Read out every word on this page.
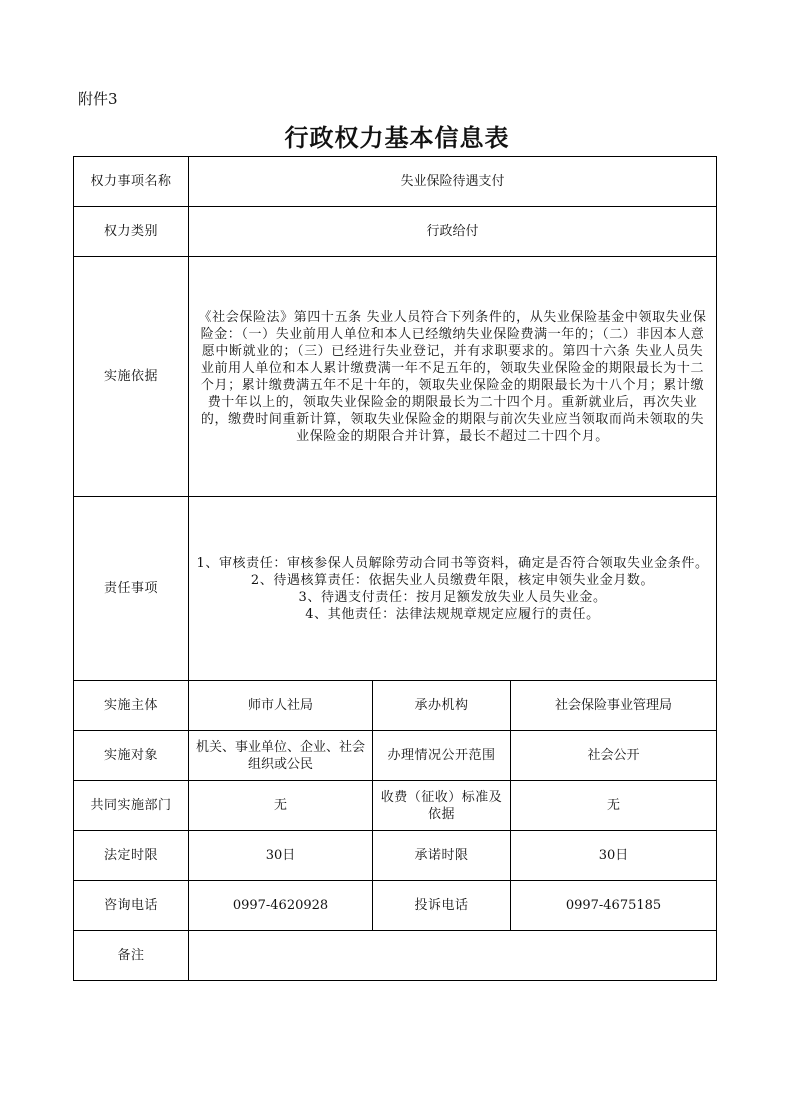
附件3
行政权力基本信息表
权力事项名称	失业保险待遇支付		
权力类别	行政给付		
实施依据	《社会保险法》第四十五条 失业人员符合下列条件的，从失业保险基金中领取失业保险金：（一）失业前用人单位和本人已经缴纳失业保险费满一年的；（二）非因本人意愿中断就业的；（三）已经进行失业登记，并有求职要求的。第四十六条 失业人员失业前用人单位和本人累计缴费满一年不足五年的，领取失业保险金的期限最长为十二个月；累计缴费满五年不足十年的，领取失业保险金的期限最长为十八个月；累计缴费十年以上的，领取失业保险金的期限最长为二十四个月。重新就业后，再次失业的，缴费时间重新计算，领取失业保险金的期限与前次失业应当领取而尚未领取的失业保险金的期限合并计算，最长不超过二十四个月。		
责任事项	1、审核责任：审核参保人员解除劳动合同书等资料，确定是否符合领取失业金条件。
2、待遇核算责任：依据失业人员缴费年限，核定申领失业金月数。
3、待遇支付责任：按月足额发放失业人员失业金。
4、其他责任：法律法规规章规定应履行的责任。		

实施主体	师市人社局	承办机构	社会保险事业管理局
实施对象	机关、事业单位、企业、社会组织或公民	办理情况公开范围	社会公开
共同实施部门	无	收费（征收）标准及依据	无
法定时限	30日	承诺时限	30日
咨询电话	0997-4620928	投诉电话	0997-4675185
备注			
